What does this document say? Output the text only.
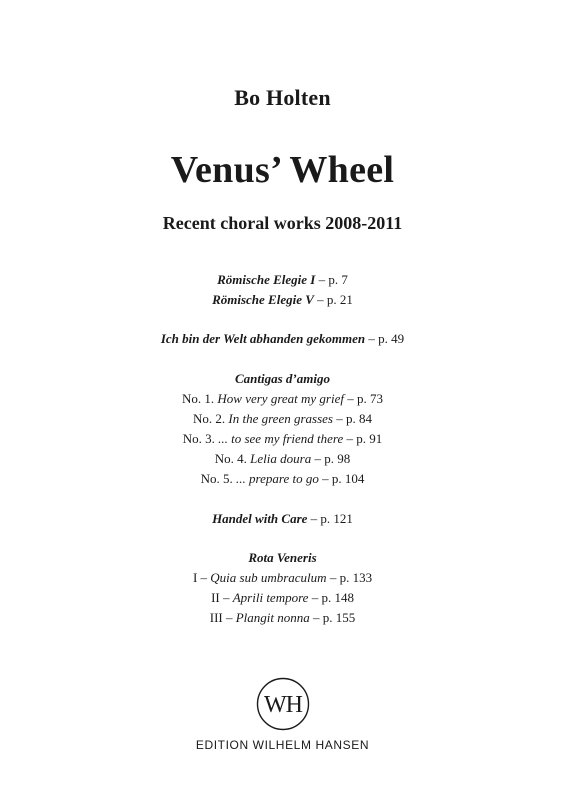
Bo Holten
Venus’ Wheel
Recent choral works 2008-2011
Römische Elegie I – p. 7
Römische Elegie V – p. 21
Ich bin der Welt abhanden gekommen – p. 49
Cantigas d’amigo
No. 1. How very great my grief – p. 73
No. 2. In the green grasses – p. 84
No. 3. ... to see my friend there – p. 91
No. 4. Lelia doura – p. 98
No. 5. ... prepare to go – p. 104
Handel with Care – p. 121
Rota Veneris
I – Quia sub umbraculum – p. 133
II – Aprili tempore – p. 148
III – Plangit nonna – p. 155
WH
EDITION WILHELM HANSEN
